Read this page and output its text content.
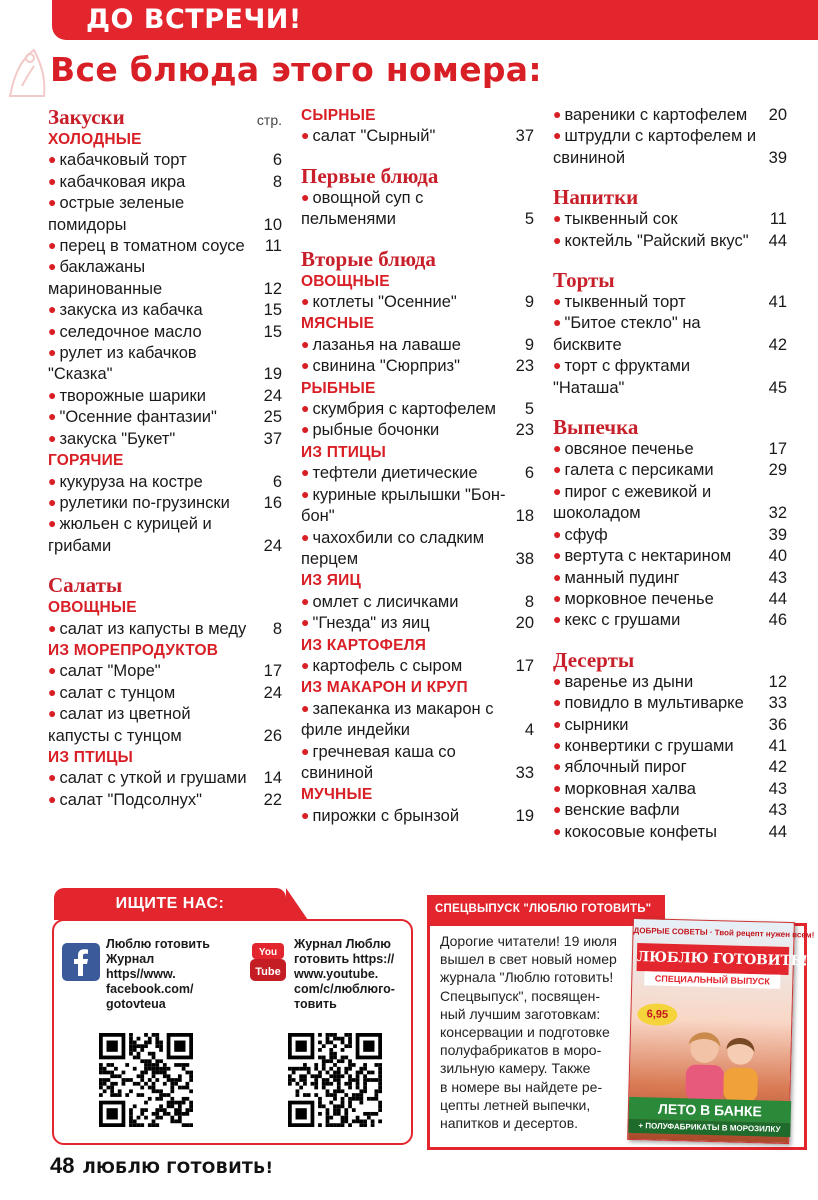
ДО ВСТРЕЧИ!
Все блюда этого номера:
Закуски	стр.
ХОЛОДНЫЕ
● кабачковый торт	6
● кабачковая икра	8
● острые зеленые помидоры	10
● перец в томатном соусе	11
● баклажаны маринованные	12
● закуска из кабачка	15
● селедочное масло	15
● рулет из кабачков "Сказка"	19
● творожные шарики	24
● "Осенние фантазии"	25
● закуска "Букет"	37
ГОРЯЧИЕ
● кукуруза на костре	6
● рулетики по-грузински	16
● жюльен с курицей и грибами	24
Салаты
ОВОЩНЫЕ
● салат из капусты в меду	8
ИЗ МОРЕПРОДУКТОВ
● салат "Море"	17
● салат с тунцом	24
● салат из цветной капусты с тунцом	26
ИЗ ПТИЦЫ
● салат с уткой и грушами	14
● салат "Подсолнух"	22
СЫРНЫЕ
● салат "Сырный"	37
Первые блюда
● овощной суп с пельменями	5
Вторые блюда
ОВОЩНЫЕ
● котлеты "Осенние"	9
МЯСНЫЕ
● лазанья на лаваше	9
● свинина "Сюрприз"	23
РЫБНЫЕ
● скумбрия с картофелем	5
● рыбные бочонки	23
ИЗ ПТИЦЫ
● тефтели диетические	6
● куриные крылышки "Бон-бон"	18
● чахохбили со сладким перцем	38
ИЗ ЯИЦ
● омлет с лисичками	8
● "Гнезда" из яиц	20
ИЗ КАРТОФЕЛЯ
● картофель с сыром	17
ИЗ МАКАРОН И КРУП
● запеканка из макарон с филе индейки	4
● гречневая каша со свининой	33
МУЧНЫЕ
● пирожки с брынзой	19
● вареники с картофелем	20
● штрудли с картофелем и свининой	39
Напитки
● тыквенный сок	11
● коктейль "Райский вкус"	44
Торты
● тыквенный торт	41
● "Битое стекло" на бисквите	42
● торт с фруктами "Наташа"	45
Выпечка
● овсяное печенье	17
● галета с персиками	29
● пирог с ежевикой и шоколадом	32
● сфуф	39
● вертута с нектарином	40
● манный пудинг	43
● морковное печенье	44
● кекс с грушами	46
Десерты
● варенье из дыни	12
● повидло в мультиварке	33
● сырники	36
● конвертики с грушами	41
● яблочный пирог	42
● морковная халва	43
● венские вафли	43
● кокосовые конфеты	44
ИЩИТЕ НАС:
Люблю готовить
Журнал
https//www.
facebook.com/
gotovteua
You
Tube
Журнал Люблю
готовить https://
www.youtube.
com/c/люблюго-
товить
СПЕЦВЫПУСК "ЛЮБЛЮ ГОТОВИТЬ"
Дорогие читатели! 19 июля
вышел в свет новый номер
журнала "Люблю готовить!
Спецвыпуск", посвящен-
ный лучшим заготовкам:
консервации и подготовке
полуфабрикатов в моро-
зильную камеру. Также
в номере вы найдете ре-
цепты летней выпечки,
напитков и десертов.
ДОБРЫЕ СОВЕТЫ · Твой рецепт нужен всем!
ЛЮБЛЮ ГОТОВИТЬ!
СПЕЦИАЛЬНЫЙ ВЫПУСК
6,95
ЛЕТО В БАНКЕ
+ ПОЛУФАБРИКАТЫ В МОРОЗИЛКУ
48 ЛЮБЛЮ ГОТОВИТЬ!
